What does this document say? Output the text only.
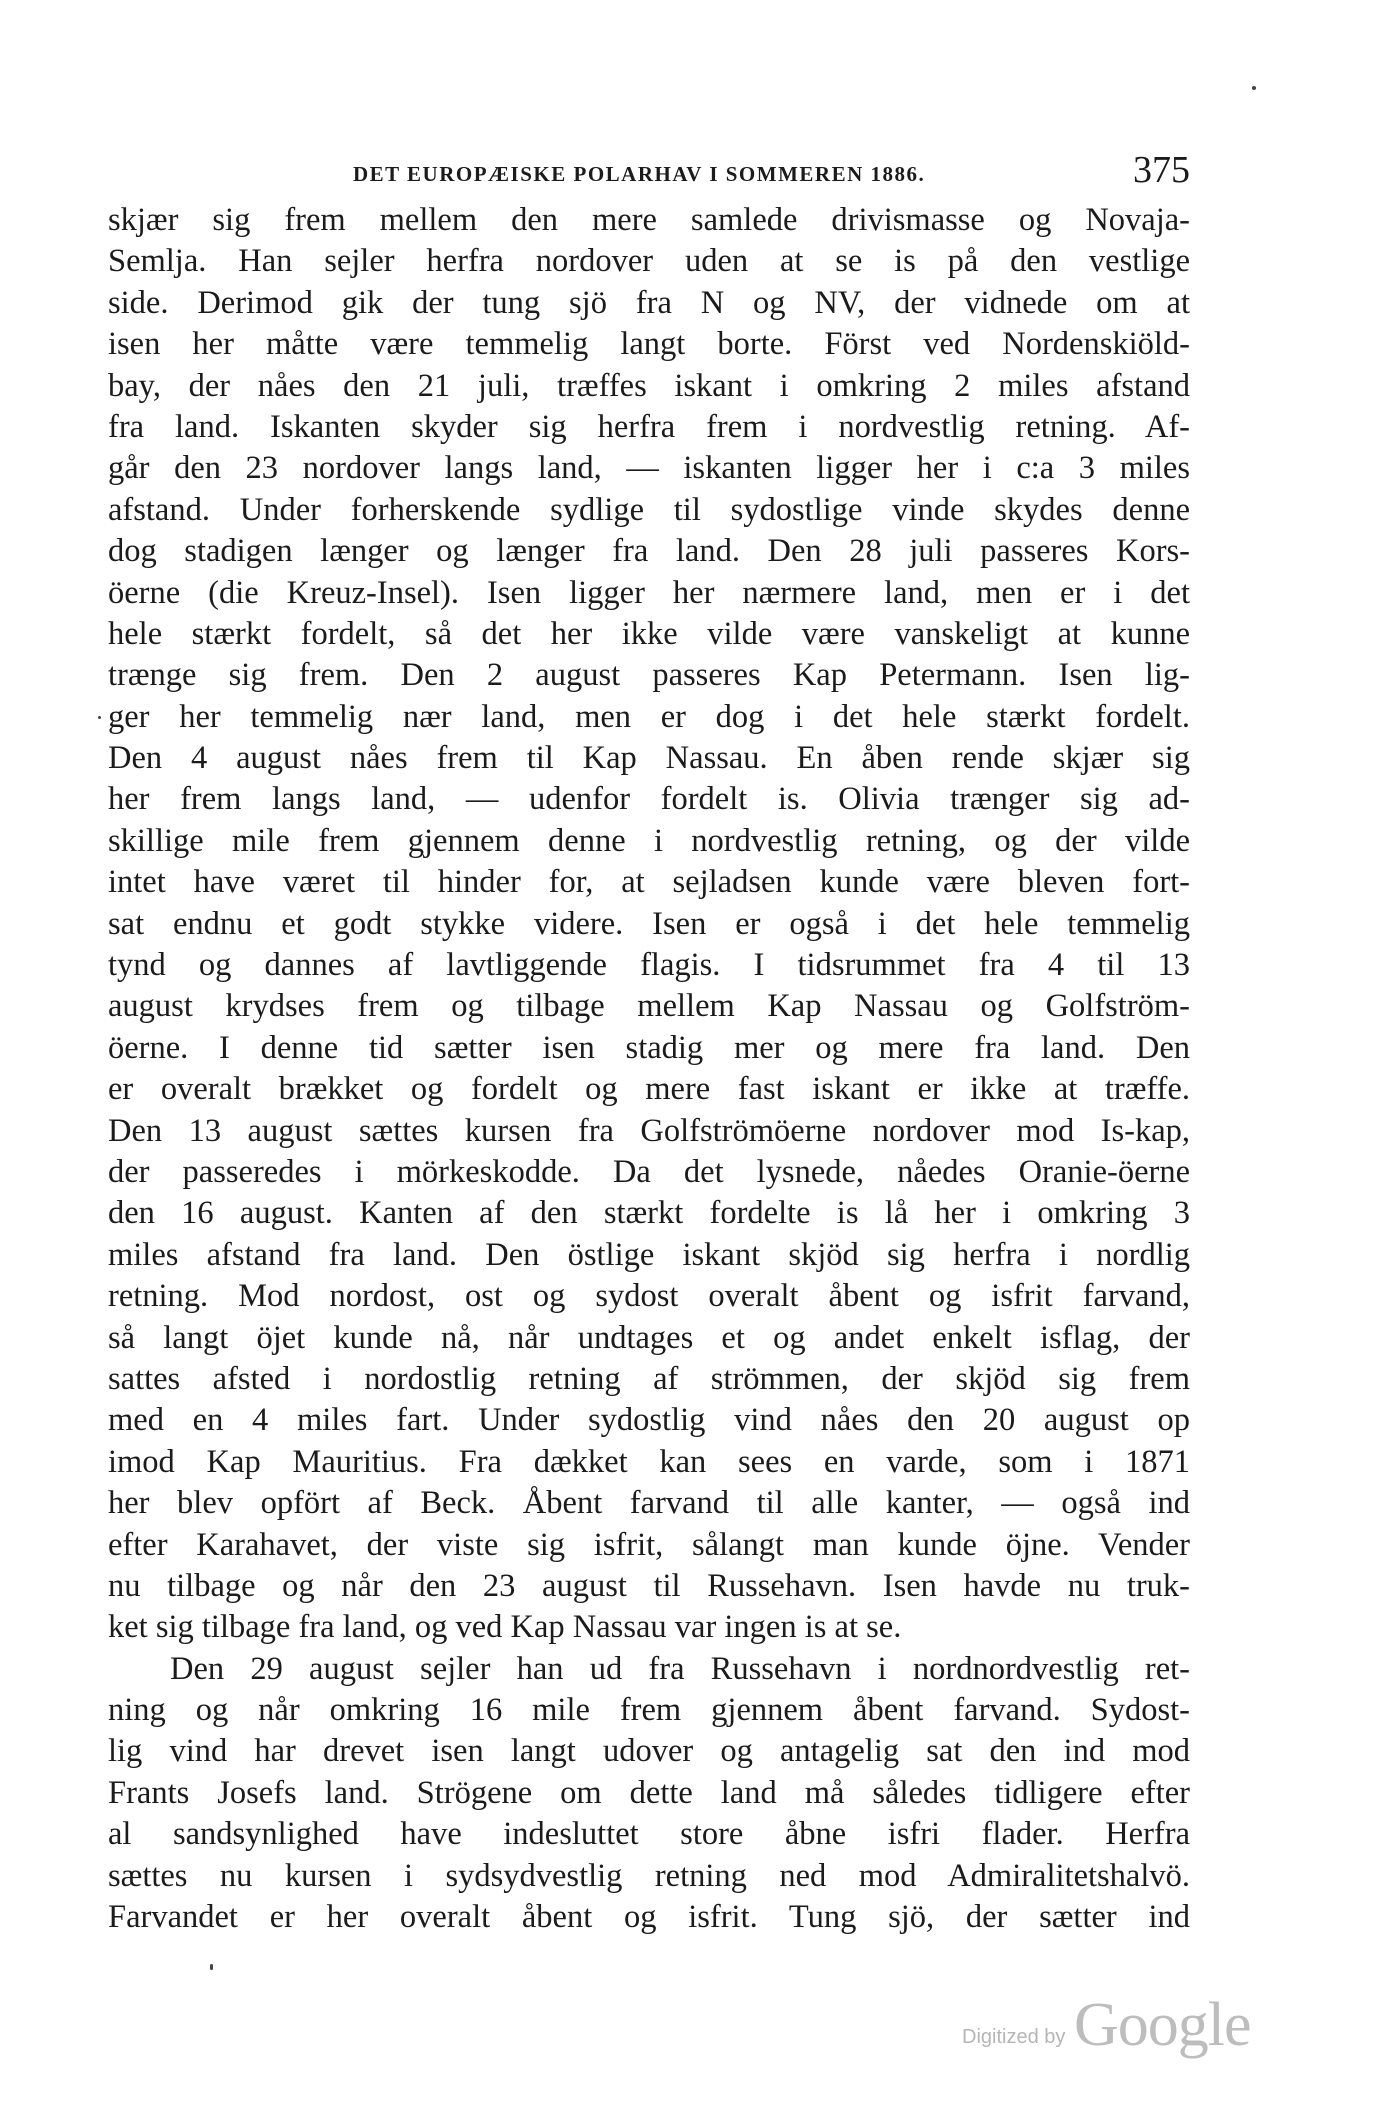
DET EUROPÆISKE POLARHAV I SOMMEREN 1886.	375
skjær sig frem mellem den mere samlede drivismasse og Novaja-
Semlja. Han sejler herfra nordover uden at se is på den vestlige
side. Derimod gik der tung sjö fra N og NV, der vidnede om at
isen her måtte være temmelig langt borte. Först ved Nordenskiöld-
bay, der nåes den 21 juli, træffes iskant i omkring 2 miles afstand
fra land. Iskanten skyder sig herfra frem i nordvestlig retning. Af-
går den 23 nordover langs land, — iskanten ligger her i c:a 3 miles
afstand. Under forherskende sydlige til sydostlige vinde skydes denne
dog stadigen længer og længer fra land. Den 28 juli passeres Kors-
öerne (die Kreuz-Insel). Isen ligger her nærmere land, men er i det
hele stærkt fordelt, så det her ikke vilde være vanskeligt at kunne
trænge sig frem. Den 2 august passeres Kap Petermann. Isen lig-
ger her temmelig nær land, men er dog i det hele stærkt fordelt.
Den 4 august nåes frem til Kap Nassau. En åben rende skjær sig
her frem langs land, — udenfor fordelt is. Olivia trænger sig ad-
skillige mile frem gjennem denne i nordvestlig retning, og der vilde
intet have været til hinder for, at sejladsen kunde være bleven fort-
sat endnu et godt stykke videre. Isen er også i det hele temmelig
tynd og dannes af lavtliggende flagis. I tidsrummet fra 4 til 13
august krydses frem og tilbage mellem Kap Nassau og Golfström-
öerne. I denne tid sætter isen stadig mer og mere fra land. Den
er overalt brækket og fordelt og mere fast iskant er ikke at træffe.
Den 13 august sættes kursen fra Golfströmöerne nordover mod Is-kap,
der passeredes i mörkeskodde. Da det lysnede, nåedes Oranie-öerne
den 16 august. Kanten af den stærkt fordelte is lå her i omkring 3
miles afstand fra land. Den östlige iskant skjöd sig herfra i nordlig
retning. Mod nordost, ost og sydost overalt åbent og isfrit farvand,
så langt öjet kunde nå, når undtages et og andet enkelt isflag, der
sattes afsted i nordostlig retning af strömmen, der skjöd sig frem
med en 4 miles fart. Under sydostlig vind nåes den 20 august op
imod Kap Mauritius. Fra dækket kan sees en varde, som i 1871
her blev opfört af Beck. Åbent farvand til alle kanter, — også ind
efter Karahavet, der viste sig isfrit, sålangt man kunde öjne. Vender
nu tilbage og når den 23 august til Russehavn. Isen havde nu truk-
ket sig tilbage fra land, og ved Kap Nassau var ingen is at se.
Den 29 august sejler han ud fra Russehavn i nordnordvestlig ret-
ning og når omkring 16 mile frem gjennem åbent farvand. Sydost-
lig vind har drevet isen langt udover og antagelig sat den ind mod
Frants Josefs land. Strögene om dette land må således tidligere efter
al sandsynlighed have indesluttet store åbne isfri flader. Herfra
sættes nu kursen i sydsydvestlig retning ned mod Admiralitetshalvö.
Farvandet er her overalt åbent og isfrit. Tung sjö, der sætter ind
Digitized by Google
